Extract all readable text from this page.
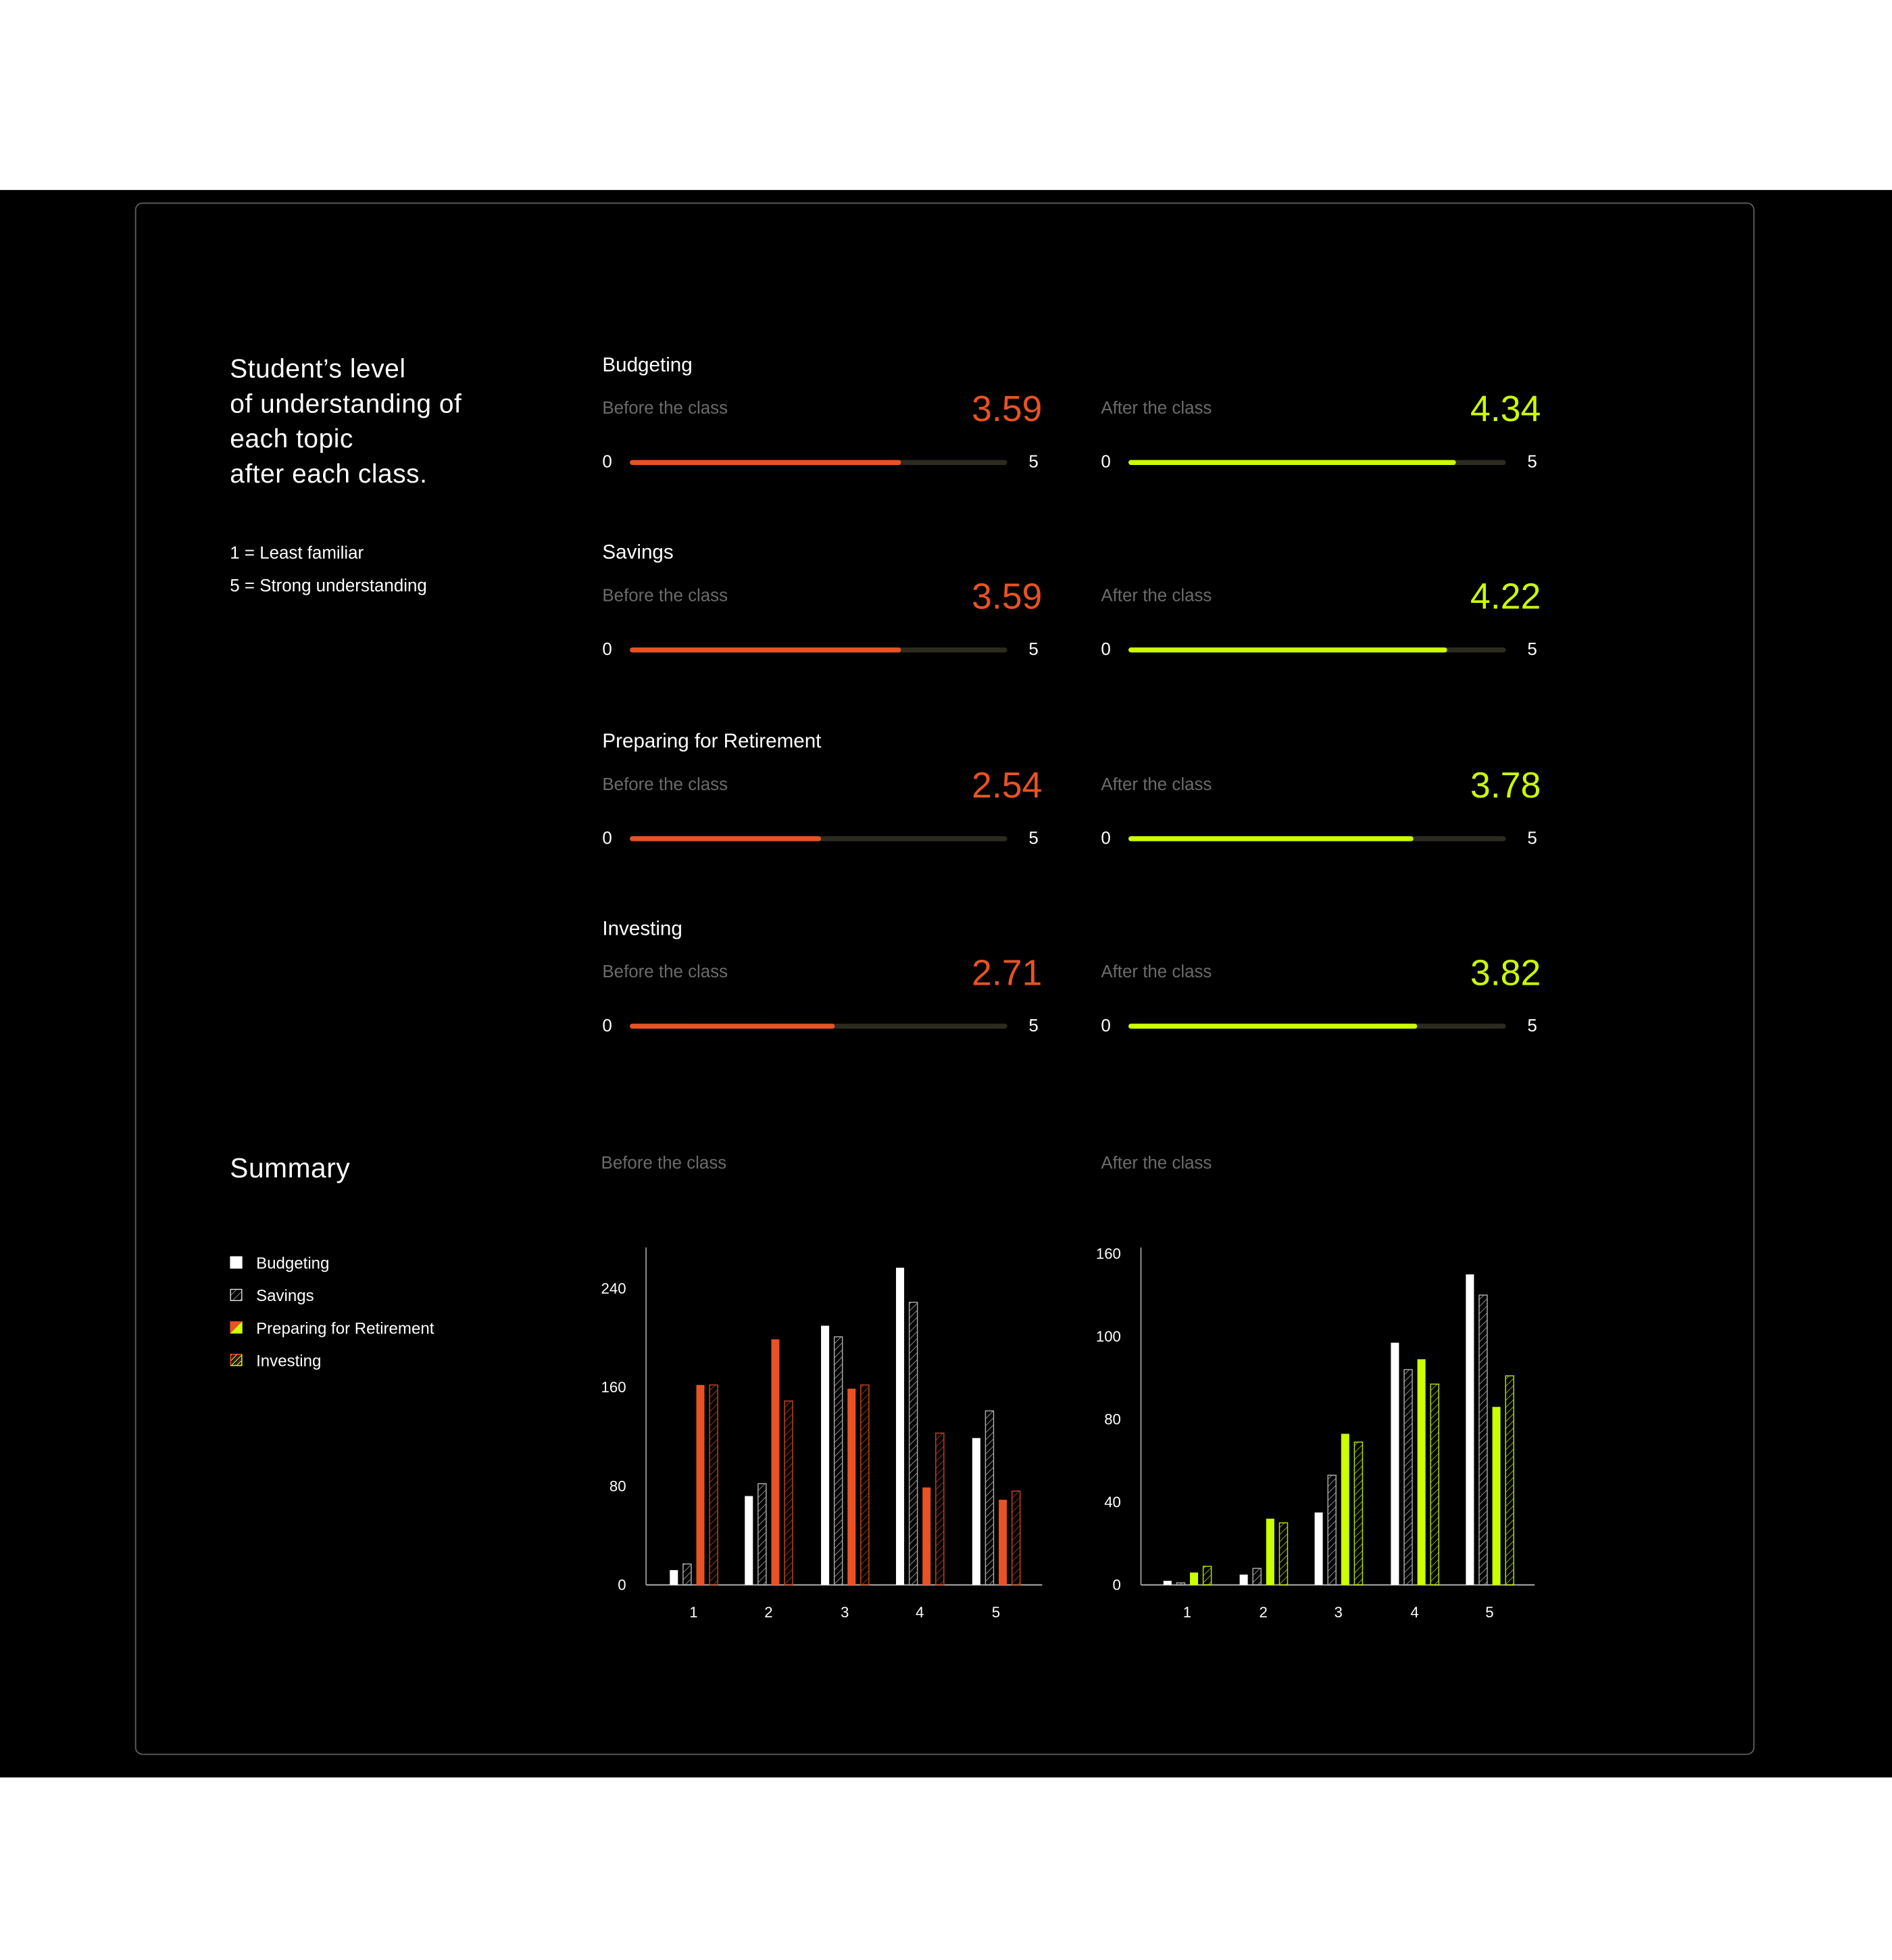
Student’s level
of understanding of
each topic
after each class.
1 = Least familiar
5 = Strong understanding
Budgeting
Before the class	3.59
0	5
After the class	4.34
0	5
Savings
Before the class	3.59
0	5
After the class	4.22
0	5
Preparing for Retirement
Before the class	2.54
0	5
After the class	3.78
0	5
Investing
Before the class	2.71
0	5
After the class	3.82
0	5
Summary
Budgeting
Savings
Preparing for Retirement
Investing
Before the class	After the class
0
80
160
240
1	2	3	4	5
0
40
80
100
160
1	2	3	4	5
